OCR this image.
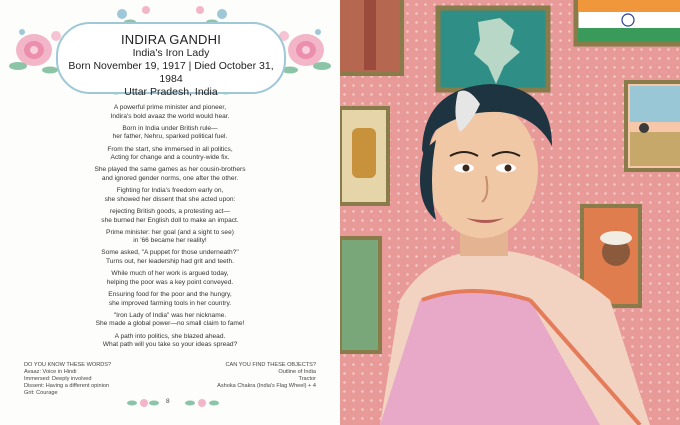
INDIRA GANDHI
India's Iron Lady
Born November 19, 1917 | Died October 31, 1984
Uttar Pradesh, India
A powerful prime minister and pioneer,
Indira's bold avaaz the world would hear.
Born in India under British rule—
her father, Nehru, sparked political fuel.
From the start, she immersed in all politics,
Acting for change and a country-wide fix.
She played the same games as her cousin-brothers
and ignored gender norms, one after the other.
Fighting for India's freedom early on,
she showed her dissent that she acted upon:
rejecting British goods, a protesting act—
she burned her English doll to make an impact.
Prime minister: her goal (and a sight to see)
in '66 became her reality!
Some asked, "A puppet for those underneath?"
Turns out, her leadership had grit and teeth.
While much of her work is argued today,
helping the poor was a key point conveyed.
Ensuring food for the poor and the hungry,
she improved farming tools in her country.
"Iron Lady of India" was her nickname.
She made a global power—no small claim to fame!
A path into politics, she blazed ahead.
What path will you take so your ideas spread?
DO YOU KNOW THESE WORDS?
Avaaz: Voice in Hindi
Immersed: Deeply involved
Dissent: Having a different opinion
Grit: Courage
CAN YOU FIND THESE OBJECTS?
Outline of India
Tractor
Ashoka Chakra (India's Flag Wheel) + 4
8
